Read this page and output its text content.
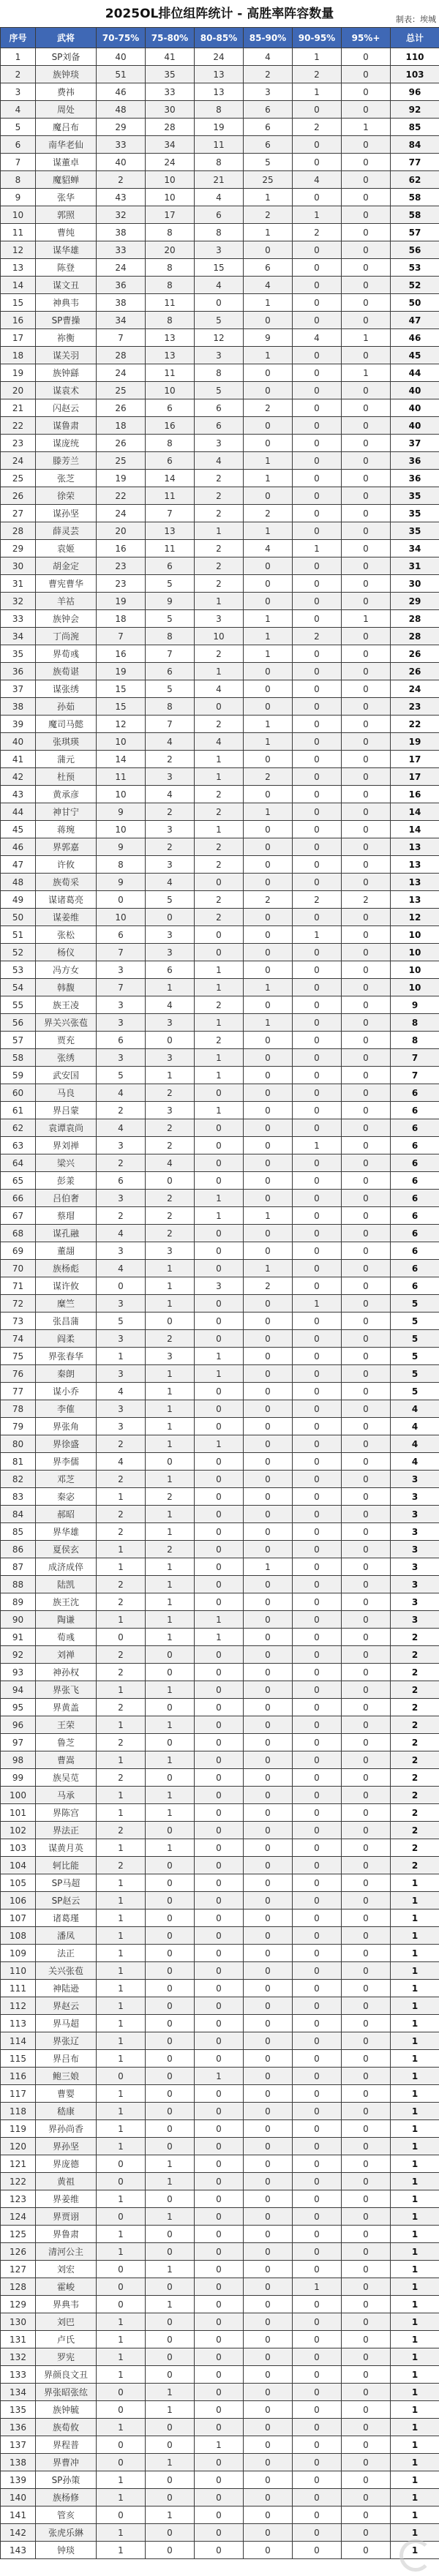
2025OL排位组阵统计 - 高胜率阵容数量	制表：埃城
序号	武将	70-75%	75-80%	80-85%	85-90%	90-95%	95%+	总计
1	SP刘备	40	41	24	4	1	0	110
2	族钟琰	51	35	13	2	2	0	103
3	费祎	46	33	13	3	1	0	96
4	周处	48	30	8	6	0	0	92
5	魔吕布	29	28	19	6	2	1	85
6	南华老仙	33	34	11	6	0	0	84
7	谋董卓	40	24	8	5	0	0	77
8	魔貂蝉	2	10	21	25	4	0	62
9	张华	43	10	4	1	0	0	58
10	郭照	32	17	6	2	1	0	58
11	曹纯	38	8	8	1	2	0	57
12	谋华雄	33	20	3	0	0	0	56
13	陈登	24	8	15	6	0	0	53
14	谋文丑	36	8	4	4	0	0	52
15	神典韦	38	11	0	1	0	0	50
16	SP曹操	34	8	5	0	0	0	47
17	祢衡	7	13	12	9	4	1	46
18	谋关羽	28	13	3	1	0	0	45
19	族钟繇	24	11	8	0	0	1	44
20	谋袁术	25	10	5	0	0	0	40
21	闪赵云	26	6	6	2	0	0	40
22	谋鲁肃	18	16	6	0	0	0	40
23	谋庞统	26	8	3	0	0	0	37
24	滕芳兰	25	6	4	1	0	0	36
25	张芝	19	14	2	1	0	0	36
26	徐荣	22	11	2	0	0	0	35
27	谋孙坚	24	7	2	2	0	0	35
28	薛灵芸	20	13	1	1	0	0	35
29	袁姬	16	11	2	4	1	0	34
30	胡金定	23	6	2	0	0	0	31
31	曹宪曹华	23	5	2	0	0	0	30
32	羊祜	19	9	1	0	0	0	29
33	族钟会	18	5	3	1	0	1	28
34	丁尚涴	7	8	10	1	2	0	28
35	界荀彧	16	7	2	1	0	0	26
36	族荀谌	19	6	1	0	0	0	26
37	谋张绣	15	5	4	0	0	0	24
38	孙茹	15	8	0	0	0	0	23
39	魔司马懿	12	7	2	1	0	0	22
40	张琪瑛	10	4	4	1	0	0	19
41	蒲元	14	2	1	0	0	0	17
42	杜预	11	3	1	2	0	0	17
43	黄承彦	10	4	2	0	0	0	16
44	神甘宁	9	2	2	1	0	0	14
45	蒋琬	10	3	1	0	0	0	14
46	界郭嘉	9	2	2	0	0	0	13
47	许攸	8	3	2	0	0	0	13
48	族荀采	9	4	0	0	0	0	13
49	谋诸葛亮	0	5	2	2	2	2	13
50	谋姜维	10	0	2	0	0	0	12
51	张松	6	3	0	0	1	0	10
52	杨仪	7	3	0	0	0	0	10
53	冯方女	3	6	1	0	0	0	10
54	韩馥	7	1	1	1	0	0	10
55	族王凌	3	4	2	0	0	0	9
56	界关兴张苞	3	3	1	1	0	0	8
57	贾充	6	0	2	0	0	0	8
58	张绣	3	3	1	0	0	0	7
59	武安国	5	1	1	0	0	0	7
60	马良	4	2	0	0	0	0	6
61	界吕蒙	2	3	1	0	0	0	6
62	袁谭袁尚	4	2	0	0	0	0	6
63	界刘禅	3	2	0	0	1	0	6
64	梁兴	2	4	0	0	0	0	6
65	彭羕	6	0	0	0	0	0	6
66	吕伯奢	3	2	1	0	0	0	6
67	蔡瑁	2	2	1	1	0	0	6
68	谋孔融	4	2	0	0	0	0	6
69	董翓	3	3	0	0	0	0	6
70	族杨彪	4	1	0	1	0	0	6
71	谋许攸	0	1	3	2	0	0	6
72	糜竺	3	1	0	0	1	0	5
73	张昌蒲	5	0	0	0	0	0	5
74	阎柔	3	2	0	0	0	0	5
75	界张春华	1	3	1	0	0	0	5
76	秦朗	3	1	1	0	0	0	5
77	谋小乔	4	1	0	0	0	0	5
78	李傕	3	1	0	0	0	0	4
79	界张角	3	1	0	0	0	0	4
80	界徐盛	2	1	1	0	0	0	4
81	界李儒	4	0	0	0	0	0	4
82	邓芝	2	1	0	0	0	0	3
83	秦宓	1	2	0	0	0	0	3
84	郝昭	2	1	0	0	0	0	3
85	界华雄	2	1	0	0	0	0	3
86	夏侯玄	1	2	0	0	0	0	3
87	成济成倅	1	1	0	1	0	0	3
88	陆凯	2	1	0	0	0	0	3
89	族王沈	2	1	0	0	0	0	3
90	陶谦	1	1	1	0	0	0	3
91	荀彧	0	1	1	0	0	0	2
92	刘禅	2	0	0	0	0	0	2
93	神孙权	2	0	0	0	0	0	2
94	界张飞	1	1	0	0	0	0	2
95	界黄盖	2	0	0	0	0	0	2
96	王荣	1	1	0	0	0	0	2
97	鲁芝	2	0	0	0	0	0	2
98	曹嵩	1	1	0	0	0	0	2
99	族吴苋	2	0	0	0	0	0	2
100	马承	1	1	0	0	0	0	2
101	界陈宫	1	1	0	0	0	0	2
102	界法正	2	0	0	0	0	0	2
103	谋黄月英	1	1	0	0	0	0	2
104	轲比能	2	0	0	0	0	0	2
105	SP马超	1	0	0	0	0	0	1
106	SP赵云	1	0	0	0	0	0	1
107	诸葛瑾	1	0	0	0	0	0	1
108	潘凤	1	0	0	0	0	0	1
109	法正	1	0	0	0	0	0	1
110	关兴张苞	1	0	0	0	0	0	1
111	神陆逊	1	0	0	0	0	0	1
112	界赵云	1	0	0	0	0	0	1
113	界马超	1	0	0	0	0	0	1
114	界张辽	1	0	0	0	0	0	1
115	界吕布	1	0	0	0	0	0	1
116	鲍三娘	0	0	1	0	0	0	1
117	曹婴	1	0	0	0	0	0	1
118	嵇康	1	0	0	0	0	0	1
119	界孙尚香	1	0	0	0	0	0	1
120	界孙坚	1	0	0	0	0	0	1
121	界庞德	0	1	0	0	0	0	1
122	黄祖	0	1	0	0	0	0	1
123	界姜维	1	0	0	0	0	0	1
124	界贾诩	0	1	0	0	0	0	1
125	界鲁肃	1	0	0	0	0	0	1
126	清河公主	1	0	0	0	0	0	1
127	刘宏	0	1	0	0	0	0	1
128	霍峻	0	0	0	0	1	0	1
129	界典韦	0	1	0	0	0	0	1
130	刘巴	1	0	0	0	0	0	1
131	卢氏	1	0	0	0	0	0	1
132	罗宪	1	0	0	0	0	0	1
133	界颜良文丑	1	0	0	0	0	0	1
134	界张昭张纮	0	1	0	0	0	0	1
135	族钟毓	0	1	0	0	0	0	1
136	族荀攸	1	0	0	0	0	0	1
137	界程普	0	0	1	0	0	0	1
138	界曹冲	0	1	0	0	0	0	1
139	SP孙策	1	0	0	0	0	0	1
140	族杨修	1	0	0	0	0	0	1
141	管亥	0	1	0	0	0	0	1
142	张虎乐綝	1	0	0	0	0	0	1
143	钟琰	1	0	0	0	0	0	1
